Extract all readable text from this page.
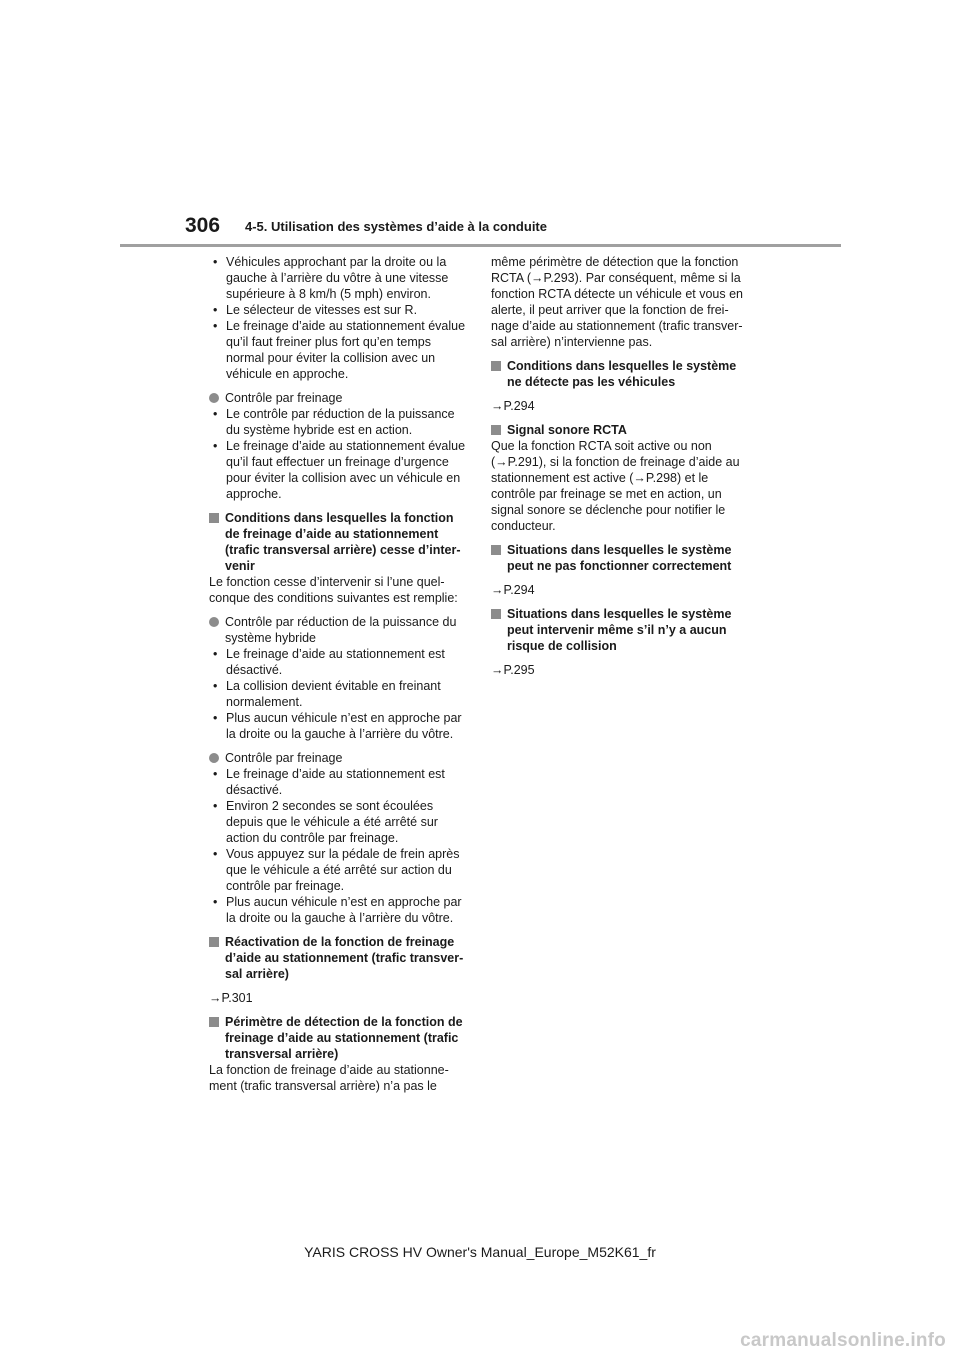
306 4-5. Utilisation des systèmes d’aide à la conduite

• Véhicules approchant par la droite ou la gauche à l’arrière du vôtre à une vitesse supérieure à 8 km/h (5 mph) environ.

• Le sélecteur de vitesses est sur R.

• Le freinage d’aide au stationnement évalue qu’il faut freiner plus fort qu’en temps normal pour éviter la collision avec un véhicule en approche.

Contrôle par freinage

• Le contrôle par réduction de la puissance du système hybride est en action.

• Le freinage d’aide au stationnement évalue qu’il faut effectuer un freinage d’urgence pour éviter la collision avec un véhicule en approche.

Conditions dans lesquelles la fonction de freinage d’aide au stationnement (trafic transversal arrière) cesse d’intervenir

Le fonction cesse d’intervenir si l’une quelconque des conditions suivantes est remplie:

Contrôle par réduction de la puissance du système hybride

• Le freinage d’aide au stationnement est désactivé.

• La collision devient évitable en freinant normalement.

• Plus aucun véhicule n’est en approche par la droite ou la gauche à l’arrière du vôtre.

Contrôle par freinage

• Le freinage d’aide au stationnement est désactivé.

• Environ 2 secondes se sont écoulées depuis que le véhicule a été arrêté sur action du contrôle par freinage.

• Vous appuyez sur la pédale de frein après que le véhicule a été arrêté sur action du contrôle par freinage.

• Plus aucun véhicule n’est en approche par la droite ou la gauche à l’arrière du vôtre.

Réactivation de la fonction de freinage d’aide au stationnement (trafic transversal arrière)

→P.301

Périmètre de détection de la fonction de freinage d’aide au stationnement (trafic transversal arrière)

La fonction de freinage d’aide au stationnement (trafic transversal arrière) n’a pas le

même périmètre de détection que la fonction RCTA (→P.293). Par conséquent, même si la fonction RCTA détecte un véhicule et vous en alerte, il peut arriver que la fonction de freinage d’aide au stationnement (trafic transversal arrière) n’intervienne pas.

Conditions dans lesquelles le système ne détecte pas les véhicules

→P.294

Signal sonore RCTA

Que la fonction RCTA soit active ou non (→P.291), si la fonction de freinage d’aide au stationnement est active (→P.298) et le contrôle par freinage se met en action, un signal sonore se déclenche pour notifier le conducteur.

Situations dans lesquelles le système peut ne pas fonctionner correctement

→P.294

Situations dans lesquelles le système peut intervenir même s’il n’y a aucun risque de collision

→P.295

YARIS CROSS HV Owner's Manual_Europe_M52K61_fr
carmanualsonline.info
